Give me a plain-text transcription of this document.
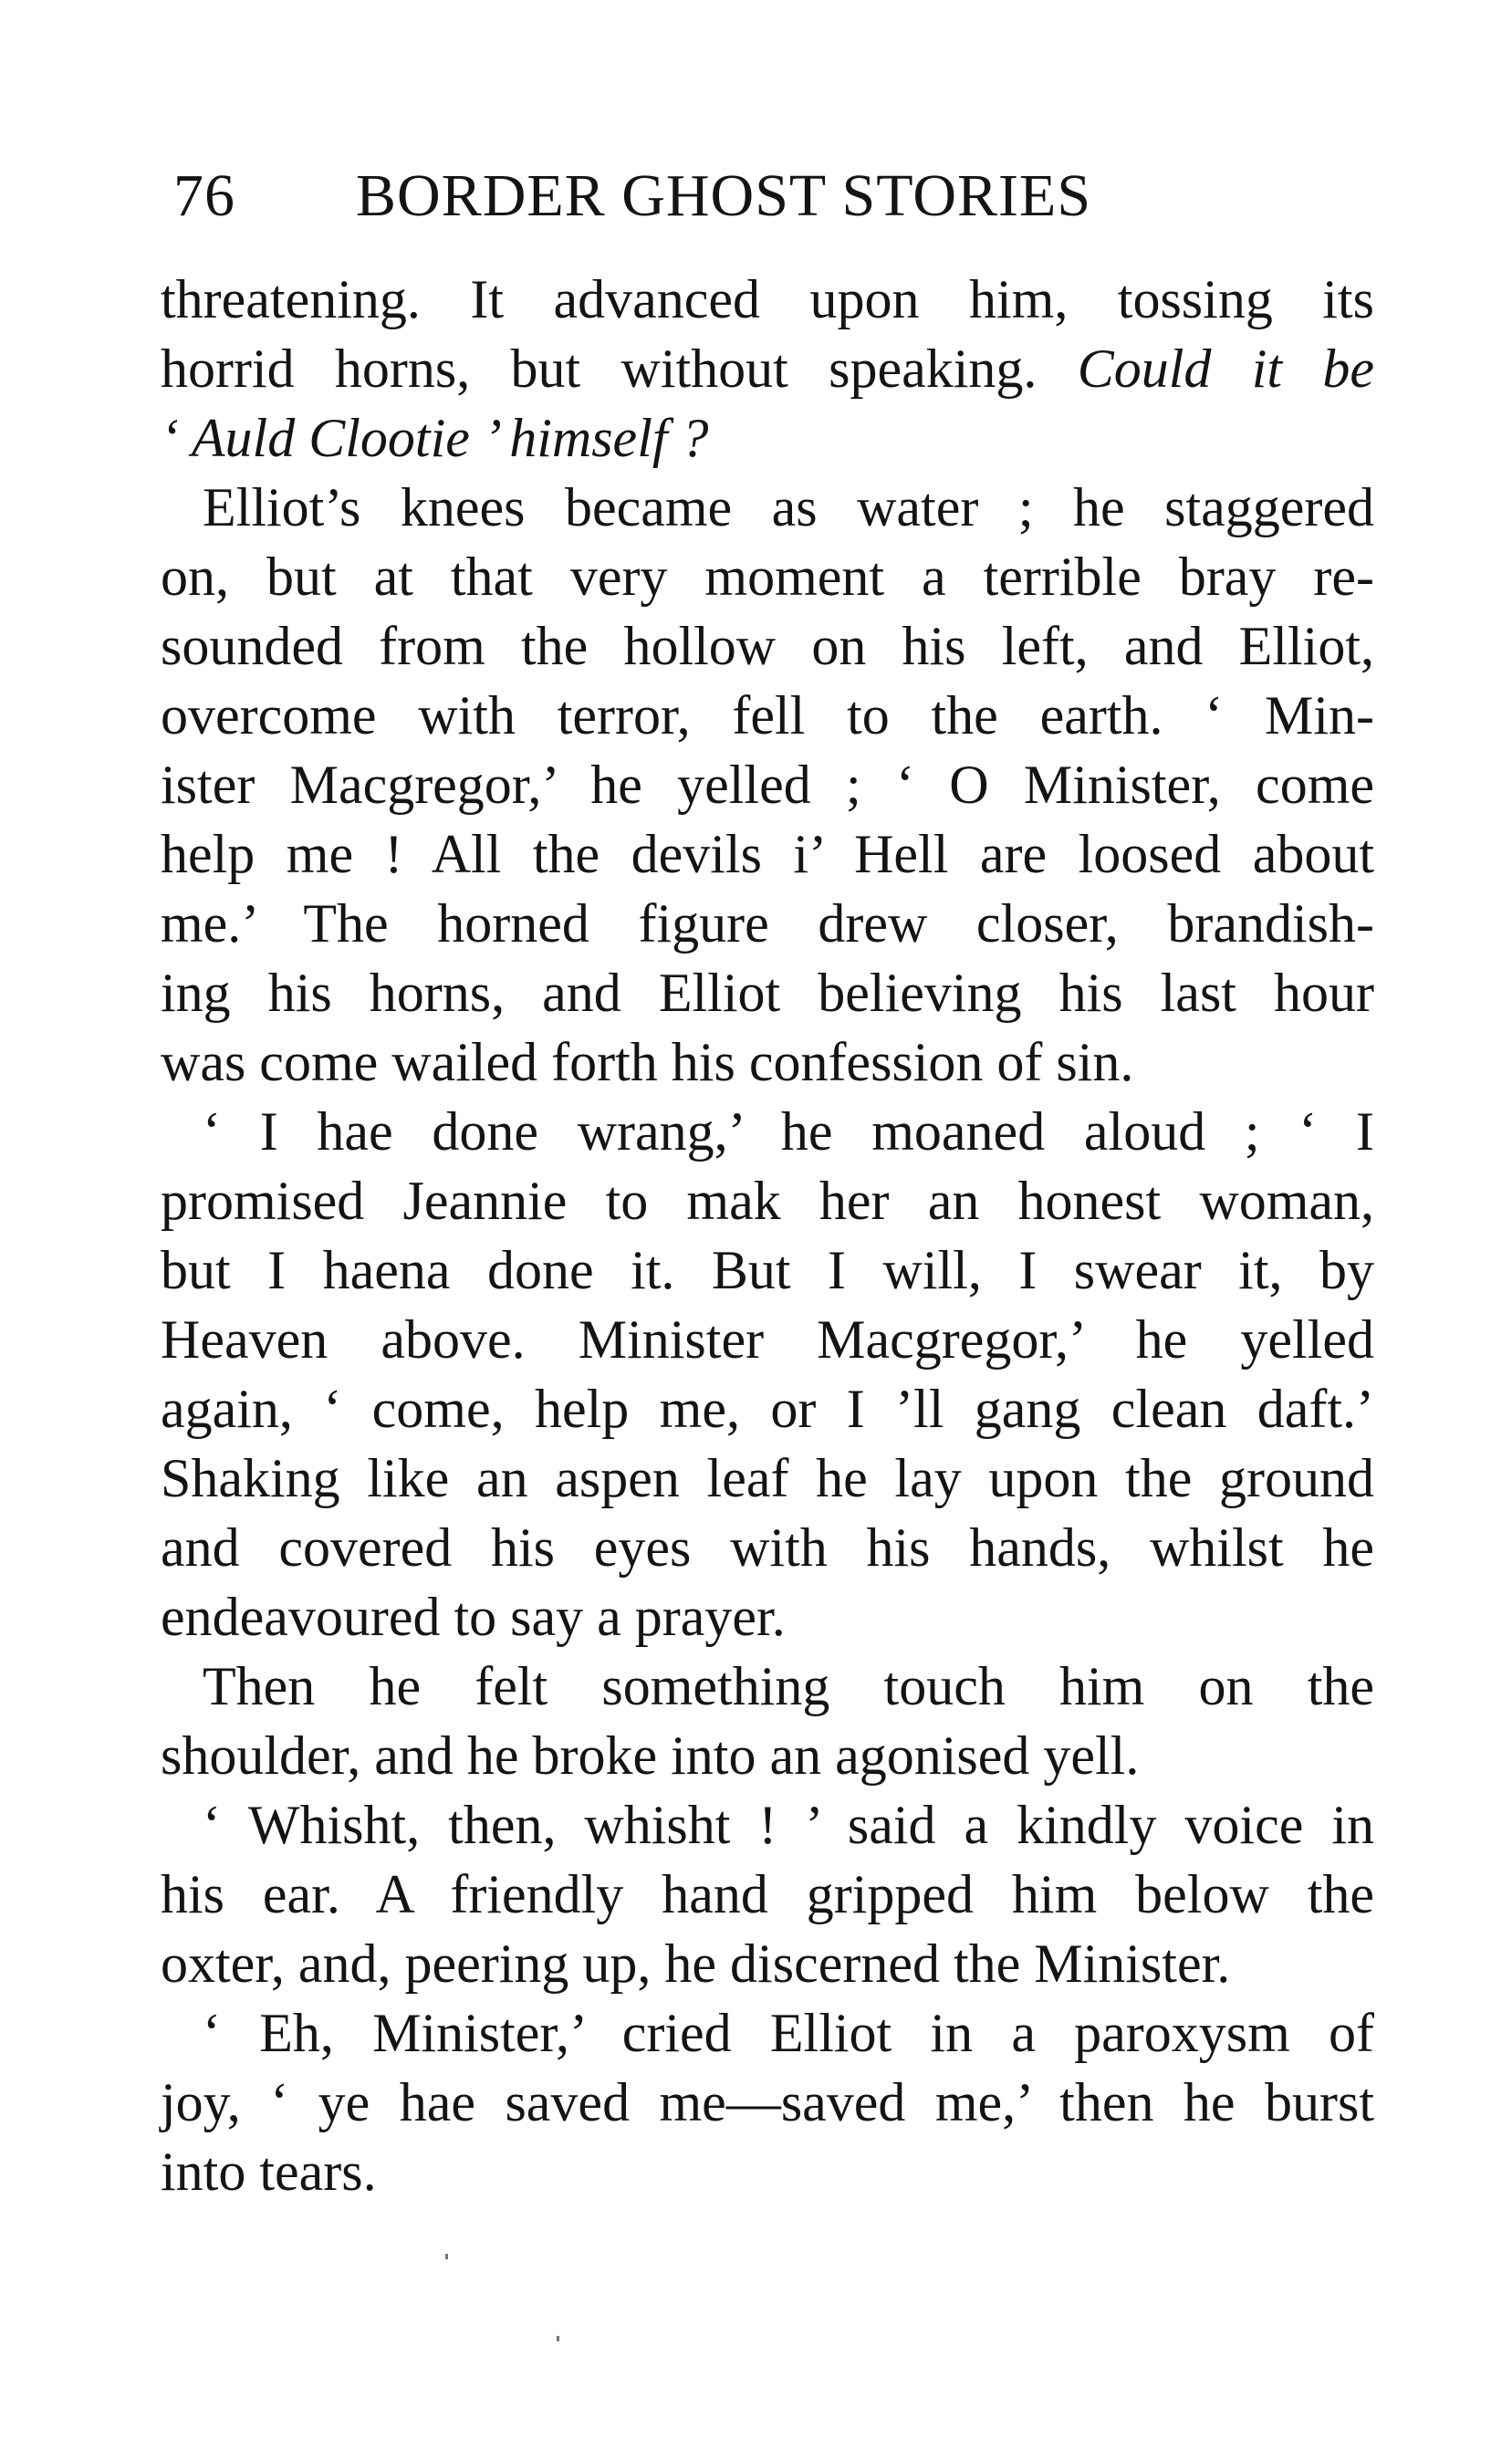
76 BORDER GHOST STORIES
threatening. It advanced upon him, tossing its
horrid horns, but without speaking. Could it be
‘ Auld Clootie ’ himself ?
Elliot’s knees became as water ; he staggered
on, but at that very moment a terrible bray re-
sounded from the hollow on his left, and Elliot,
overcome with terror, fell to the earth. ‘ Min-
ister Macgregor,’ he yelled ; ‘ O Minister, come
help me ! All the devils i’ Hell are loosed about
me.’ The horned figure drew closer, brandish-
ing his horns, and Elliot believing his last hour
was come wailed forth his confession of sin.
‘ I hae done wrang,’ he moaned aloud ; ‘ I
promised Jeannie to mak her an honest woman,
but I haena done it. But I will, I swear it, by
Heaven above. Minister Macgregor,’ he yelled
again, ‘ come, help me, or I ’ll gang clean daft.’
Shaking like an aspen leaf he lay upon the ground
and covered his eyes with his hands, whilst he
endeavoured to say a prayer.
Then he felt something touch him on the
shoulder, and he broke into an agonised yell.
‘ Whisht, then, whisht ! ’ said a kindly voice in
his ear. A friendly hand gripped him below the
oxter, and, peering up, he discerned the Minister.
‘ Eh, Minister,’ cried Elliot in a paroxysm of
joy, ‘ ye hae saved me—saved me,’ then he burst
into tears.
